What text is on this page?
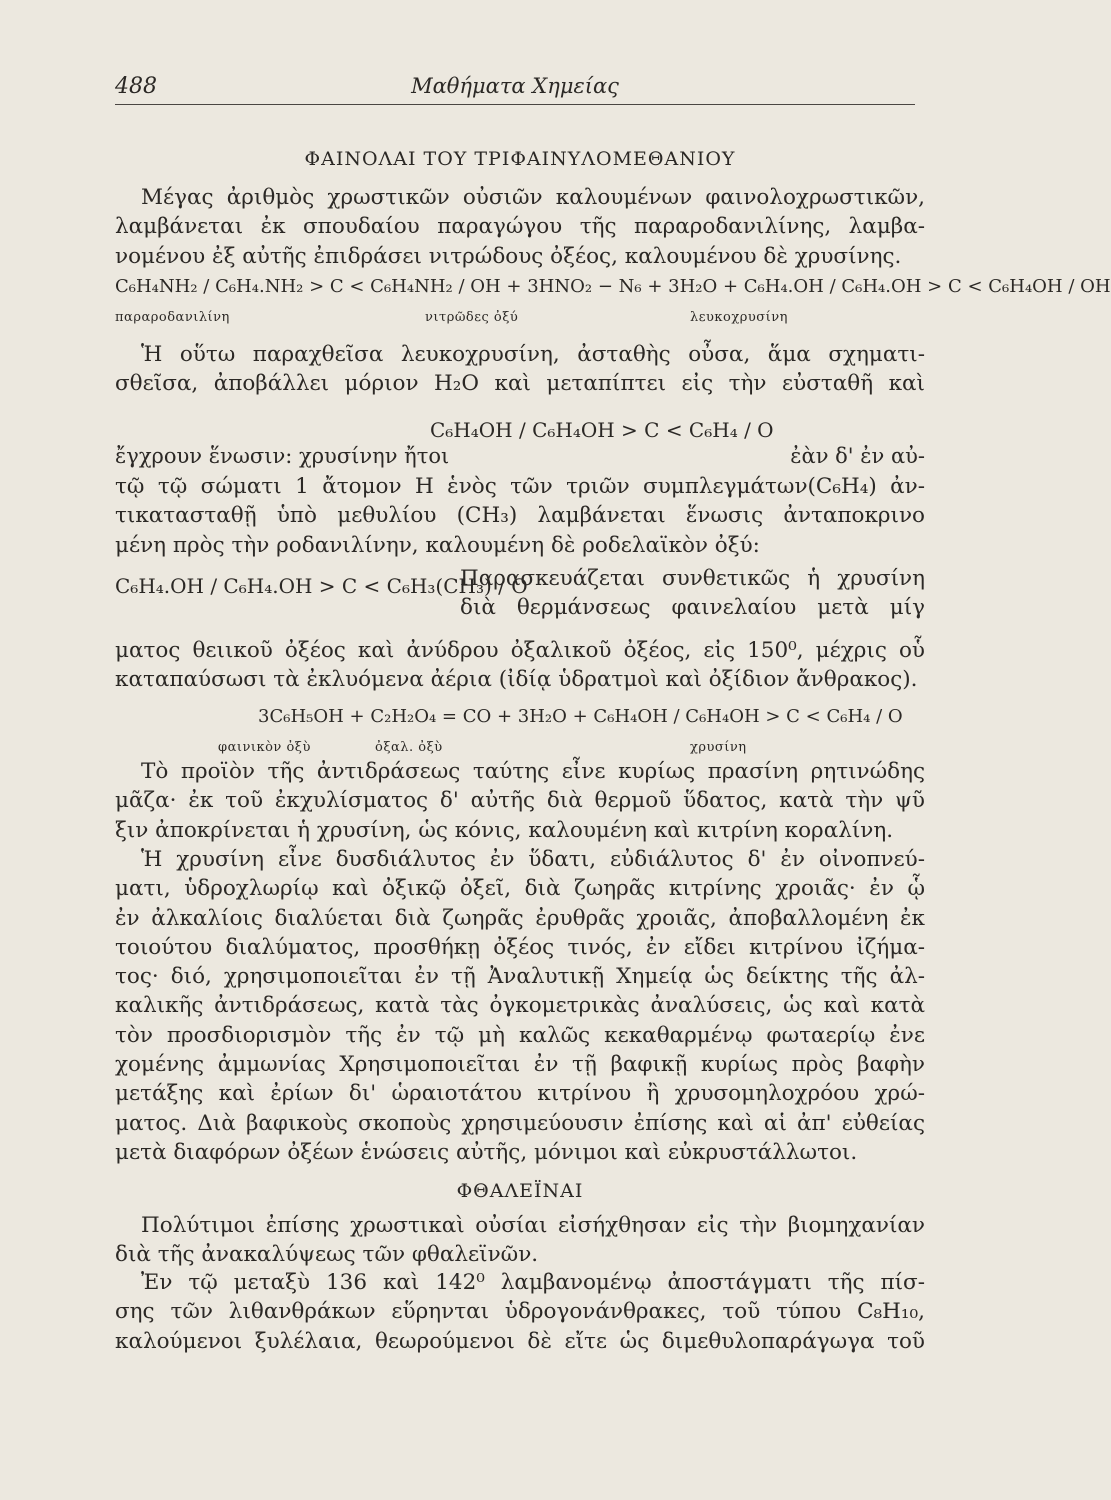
488	Μαθήματα Χημείας
ΦΑΙΝΟΛΑΙ ΤΟΥ ΤΡΙΦΑΙΝΥΛΟΜΕΘΑΝΙΟΥ
Μέγας ἀριθμὸς χρωστικῶν οὐσιῶν καλουμένων φαινολοχρωστικῶν,
λαμβάνεται ἐκ σπουδαίου παραγώγου τῆς παραροδανιλίνης, λαμβα-
νομένου ἐξ αὐτῆς ἐπιδράσει νιτρώδους ὀξέος, καλουμένου δὲ χρυσίνης.
C₆H₄NH₂ / C₆H₄.NH₂ > C < C₆H₄NH₂ / OH + 3HNO₂ − N₆ + 3H₂O + C₆H₄.OH / C₆H₄.OH > C < C₆H₄OH / OH
παραροδανιλίνη	νιτρῶδες ὀξύ	λευκοχρυσίνη
Ἡ οὕτω παραχθεῖσα λευκοχρυσίνη, ἀσταθὴς οὖσα, ἅμα σχηματι-
σθεῖσα, ἀποβάλλει μόριον H₂O καὶ μεταπίπτει εἰς τὴν εὐσταθῆ καὶ
ἔγχρουν ἕνωσιν: χρυσίνην ἤτοι
C₆H₄OH / C₆H₄OH > C < C₆H₄ / O
ἐὰν δ' ἐν αὐ-
τῷ τῷ σώματι 1 ἄτομον H ἑνὸς τῶν τριῶν συμπλεγμάτων(C₆H₄) ἀν-
τικατασταθῇ ὑπὸ μεθυλίου (CH₃) λαμβάνεται ἕνωσις ἀνταποκρινο
μένη πρὸς τὴν ροδανιλίνην, καλουμένη δὲ ροδελαϊκὸν ὀξύ:
C₆H₄.OH / C₆H₄.OH > C < C₆H₃(CH₃) / O
Παρασκευάζεται συνθετικῶς ἡ χρυσίνη
διὰ θερμάνσεως φαινελαίου μετὰ μίγ
ματος θειικοῦ ὀξέος καὶ ἀνύδρου ὀξαλικοῦ ὀξέος, εἰς 150⁰, μέχρις οὗ
καταπαύσωσι τὰ ἐκλυόμενα ἀέρια (ἰδίᾳ ὑδρατμοὶ καὶ ὀξίδιον ἄνθρακος).
3C₆H₅OH + C₂H₂O₄ = CO + 3H₂O + C₆H₄OH / C₆H₄OH > C < C₆H₄ / O
φαινικὸν ὀξὺ	ὀξαλ. ὀξὺ	χρυσίνη
Τὸ προϊὸν τῆς ἀντιδράσεως ταύτης εἶνε κυρίως πρασίνη ρητινώδης
μᾶζα· ἐκ τοῦ ἐκχυλίσματος δ' αὐτῆς διὰ θερμοῦ ὕδατος, κατὰ τὴν ψῦ
ξιν ἀποκρίνεται ἡ χρυσίνη, ὡς κόνις, καλουμένη καὶ κιτρίνη κοραλίνη.
Ἡ χρυσίνη εἶνε δυσδιάλυτος ἐν ὕδατι, εὐδιάλυτος δ' ἐν οἰνοπνεύ-
ματι, ὑδροχλωρίῳ καὶ ὀξικῷ ὀξεῖ, διὰ ζωηρᾶς κιτρίνης χροιᾶς· ἐν ᾧ
ἐν ἀλκαλίοις διαλύεται διὰ ζωηρᾶς ἐρυθρᾶς χροιᾶς, ἀποβαλλομένη ἐκ
τοιούτου διαλύματος, προσθήκῃ ὀξέος τινός, ἐν εἴδει κιτρίνου ἰζήμα-
τος· διό, χρησιμοποιεῖται ἐν τῇ Ἀναλυτικῇ Χημείᾳ ὡς δείκτης τῆς ἀλ-
καλικῆς ἀντιδράσεως, κατὰ τὰς ὀγκομετρικὰς ἀναλύσεις, ὡς καὶ κατὰ
τὸν προσδιορισμὸν τῆς ἐν τῷ μὴ καλῶς κεκαθαρμένῳ φωταερίῳ ἐνε
χομένης ἀμμωνίας Χρησιμοποιεῖται ἐν τῇ βαφικῇ κυρίως πρὸς βαφὴν
μετάξης καὶ ἐρίων δι' ὡραιοτάτου κιτρίνου ἢ χρυσομηλοχρόου χρώ-
ματος. Διὰ βαφικοὺς σκοποὺς χρησιμεύουσιν ἐπίσης καὶ αἱ ἀπ' εὐθείας
μετὰ διαφόρων ὀξέων ἑνώσεις αὐτῆς, μόνιμοι καὶ εὐκρυστάλλωτοι.
ΦΘΑΛΕΪΝΑΙ
Πολύτιμοι ἐπίσης χρωστικαὶ οὐσίαι εἰσήχθησαν εἰς τὴν βιομηχανίαν
διὰ τῆς ἀνακαλύψεως τῶν φθαλεϊνῶν.
Ἐν τῷ μεταξὺ 136 καὶ 142⁰ λαμβανομένῳ ἀποστάγματι τῆς πίσ-
σης τῶν λιθανθράκων εὕρηνται ὑδρογονάνθρακες, τοῦ τύπου C₈H₁₀,
καλούμενοι ξυλέλαια, θεωρούμενοι δὲ εἴτε ὡς διμεθυλοπαράγωγα τοῦ
